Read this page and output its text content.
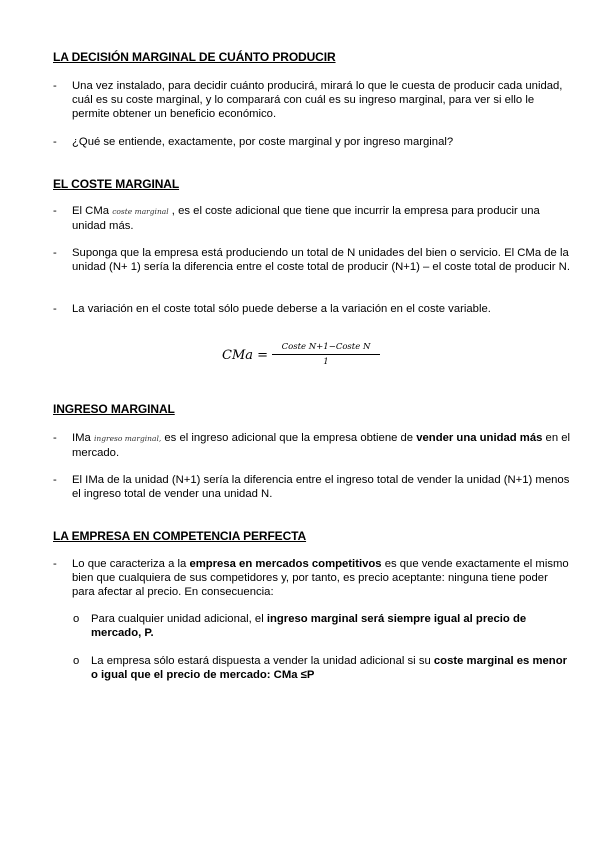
LA DECISIÓN MARGINAL DE CUÁNTO PRODUCIR
- Una vez instalado, para decidir cuánto producirá, mirará lo que le cuesta de producir cada unidad, cuál es su coste marginal, y lo comparará con cuál es su ingreso marginal, para ver si ello le permite obtener un beneficio económico.
- ¿Qué se entiende, exactamente, por coste marginal y por ingreso marginal?
EL COSTE MARGINAL
- El CMa coste marginal , es el coste adicional que tiene que incurrir la empresa para producir una unidad más.
- Suponga que la empresa está produciendo un total de N unidades del bien o servicio. El CMa de la unidad (N+ 1) sería la diferencia entre el coste total de producir (N+1) – el coste total de producir N.
- La variación en el coste total sólo puede deberse a la variación en el coste variable.
CMa =
Coste N+1−Coste N
1
INGRESO MARGINAL
- IMa ingreso marginal, es el ingreso adicional que la empresa obtiene de vender una unidad más en el mercado.
- El IMa de la unidad (N+1) sería la diferencia entre el ingreso total de vender la unidad (N+1) menos el ingreso total de vender una unidad N.
LA EMPRESA EN COMPETENCIA PERFECTA
- Lo que caracteriza a la empresa en mercados competitivos es que vende exactamente el mismo bien que cualquiera de sus competidores y, por tanto, es precio aceptante: ninguna tiene poder para afectar al precio. En consecuencia:
o Para cualquier unidad adicional, el ingreso marginal será siempre igual al precio de mercado, P.
o La empresa sólo estará dispuesta a vender la unidad adicional si su coste marginal es menor o igual que el precio de mercado: CMa ≤P
